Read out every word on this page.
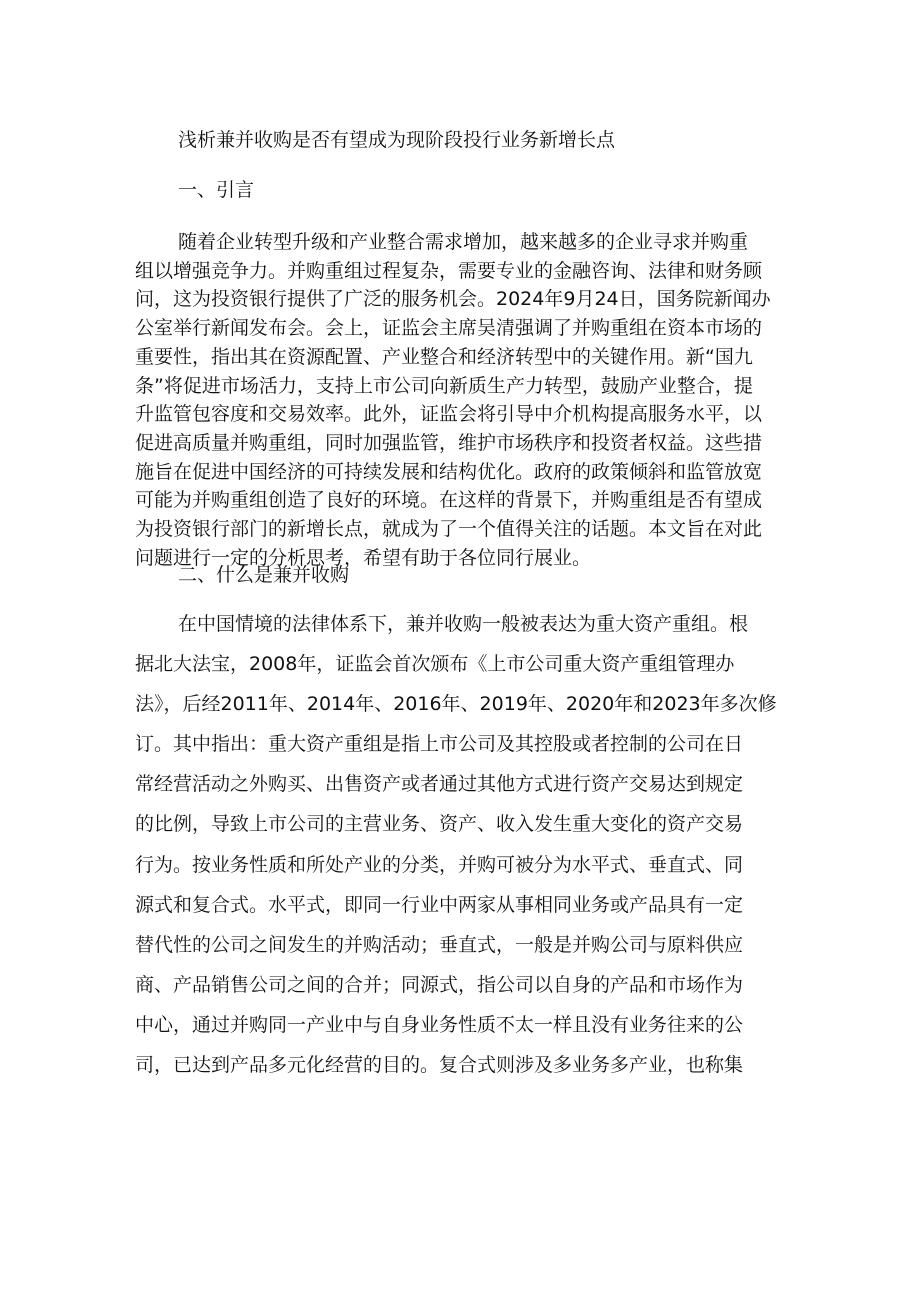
浅析兼并收购是否有望成为现阶段投行业务新增长点
一、引言
随着企业转型升级和产业整合需求增加，越来越多的企业寻求并购重
组以增强竞争力。并购重组过程复杂，需要专业的金融咨询、法律和财务顾
问，这为投资银行提供了广泛的服务机会。2024年9月24日，国务院新闻办
公室举行新闻发布会。会上，证监会主席吴清强调了并购重组在资本市场的
重要性，指出其在资源配置、产业整合和经济转型中的关键作用。新“国九
条”将促进市场活力，支持上市公司向新质生产力转型，鼓励产业整合，提
升监管包容度和交易效率。此外，证监会将引导中介机构提高服务水平，以
促进高质量并购重组，同时加强监管，维护市场秩序和投资者权益。这些措
施旨在促进中国经济的可持续发展和结构优化。政府的政策倾斜和监管放宽
可能为并购重组创造了良好的环境。在这样的背景下，并购重组是否有望成
为投资银行部门的新增长点，就成为了一个值得关注的话题。本文旨在对此
问题进行一定的分析思考，希望有助于各位同行展业。
二、什么是兼并收购
在中国情境的法律体系下，兼并收购一般被表达为重大资产重组。根
据北大法宝，2008年，证监会首次颁布《上市公司重大资产重组管理办
法》，后经2011年、2014年、2016年、2019年、2020年和2023年多次修
订。其中指出：重大资产重组是指上市公司及其控股或者控制的公司在日
常经营活动之外购买、出售资产或者通过其他方式进行资产交易达到规定
的比例，导致上市公司的主营业务、资产、收入发生重大变化的资产交易
行为。按业务性质和所处产业的分类，并购可被分为水平式、垂直式、同
源式和复合式。水平式，即同一行业中两家从事相同业务或产品具有一定
替代性的公司之间发生的并购活动；垂直式，一般是并购公司与原料供应
商、产品销售公司之间的合并；同源式，指公司以自身的产品和市场作为
中心，通过并购同一产业中与自身业务性质不太一样且没有业务往来的公
司，已达到产品多元化经营的目的。复合式则涉及多业务多产业，也称集
